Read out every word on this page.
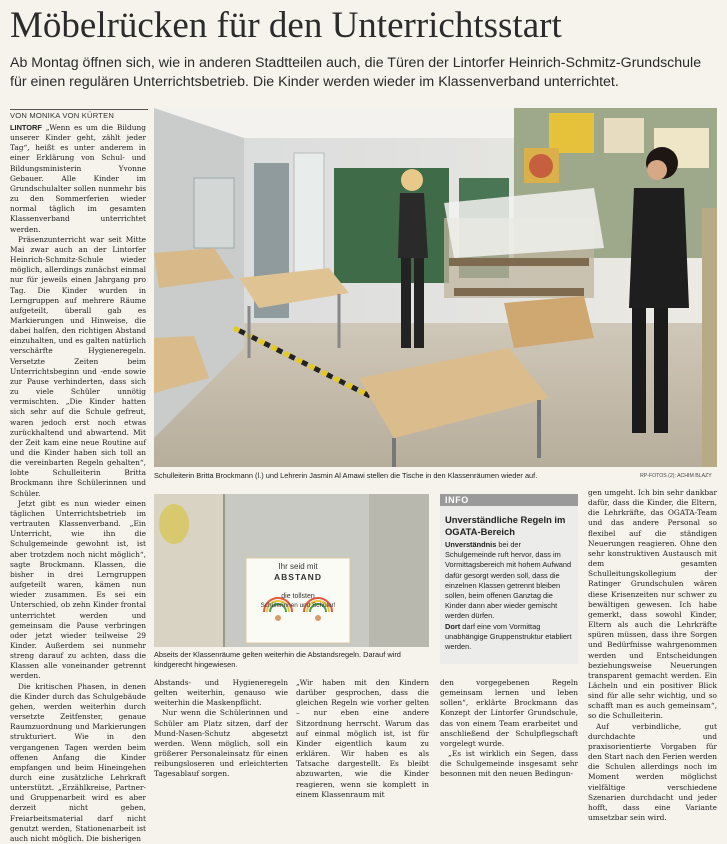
Möbelrücken für den Unterrichtsstart
Ab Montag öffnen sich, wie in anderen Stadtteilen auch, die Türen der Lintorfer Heinrich-Schmitz-Grundschule für einen regulären Unterrichtsbetrieb. Die Kinder werden wieder im Klassenverband unterrichtet.
VON MONIKA VON KÜRTEN

LINTORF „Wenn es um die Bildung unserer Kinder geht, zählt jeder Tag“, heißt es unter anderem in einer Erklärung von Schul- und Bildungsministerin Yvonne Gebauer. Alle Kinder im Grundschulalter sollen nunmehr bis zu den Sommerferien wieder normal täglich im gesamten Klassenverband unterrichtet werden.

Präsenzunterricht war seit Mitte Mai zwar auch an der Lintorfer Heinrich-Schmitz-Schule wieder möglich, allerdings zunächst einmal nur für jeweils einen Jahrgang pro Tag. Die Kinder wurden in Lerngruppen auf mehrere Räume aufgeteilt, überall gab es Markierungen und Hinweise, die dabei halfen, den richtigen Abstand einzuhalten, und es galten natürlich verschärfte Hygieneregeln. Versetzte Zeiten beim Unterrichtsbeginn und -ende sowie zur Pause verhinderten, dass sich zu viele Schüler unnötig vermischten. „Die Kinder hatten sich sehr auf die Schule gefreut, waren jedoch erst noch etwas zurückhaltend und abwartend. Mit der Zeit kam eine neue Routine auf und die Kinder haben sich toll an die vereinbarten Regeln gehalten“, lobte Schulleiterin Britta Brockmann ihre Schülerinnen und Schüler.

Jetzt gibt es nun wieder einen täglichen Unterrichtsbetrieb im vertrauten Klassenverband. „Ein Unterricht, wie ihn die Schulgemeinde gewohnt ist, ist aber trotzdem noch nicht möglich“, sagte Brockmann. Klassen, die bisher in drei Lerngruppen aufgeteilt waren, kämen nun wieder zusammen. Es sei ein Unterschied, ob zehn Kinder frontal unterrichtet werden und gemeinsam die Pause verbringen oder jetzt wieder teilweise 29 Kinder. Außerdem sei nunmehr streng darauf zu achten, dass die Klassen alle voneinander getrennt werden.

Die kritischen Phasen, in denen die Kinder durch das Schulgebäude gehen, werden weiterhin durch versetzte Zeitfenster, genaue Raumzuordnung und Markierungen strukturiert. Wie in den vergangenen Tagen werden beim offenen Anfang die Kinder empfangen und beim Hineingehen durch eine zusätzliche Lehrkraft unterstützt. „Erzählkreise, Partner- und Gruppenarbeit wird es aber derzeit nicht geben, Freiarbeitsmaterial darf nicht genutzt werden, Stationenarbeit ist auch nicht möglich. Die bisherigen

Schulleiterin Britta Brockmann (l.) und Lehrerin Jasmin Al Amawi stellen die Tische in den Klassenräumen wieder auf.	RP-FOTOS (2): ACHIM BLAZY
Ihr seid mit
ABSTAND
die tollsten
Schülerinnen und Schüler!
Abseits der Klassenräume gelten weiterhin die Abstandsregeln. Darauf wird kindgerecht hingewiesen.

Abstands- und Hygieneregeln gelten weiterhin, genauso wie weiterhin die Maskenpflicht.

Nur wenn die Schülerinnen und Schüler am Platz sitzen, darf der Mund-Nasen-Schutz abgesetzt werden. Wenn möglich, soll ein größerer Personaleinsatz für einen reibungsloseren und erleichterten Tagesablauf sorgen.

„Wir haben mit den Kindern darüber gesprochen, dass die gleichen Regeln wie vorher gelten – nur eben eine andere Sitzordnung herrscht. Warum das auf einmal möglich ist, ist für Kinder eigentlich kaum zu erklären. Wir haben es als Tatsache dargestellt. Es bleibt abzuwarten, wie die Kinder reagieren, wenn sie komplett in einem Klassenraum mit

INFO
Unverständliche Regeln im OGATA-Bereich
Unverständnis bei der Schulgemeinde ruft hervor, dass im Vormittagsbereich mit hohem Aufwand dafür gesorgt werden soll, dass die einzelnen Klassen getrennt bleiben sollen, beim offenen Ganztag die Kinder dann aber wieder gemischt werden dürfen.
Dort darf eine vom Vormittag unabhängige Gruppenstruktur etabliert werden.

den vorgegebenen Regeln gemeinsam lernen und leben sollen“, erklärte Brockmann das Konzept der Lintorfer Grundschule, das von einem Team erarbeitet und anschließend der Schulpflegschaft vorgelegt wurde.

„Es ist wirklich ein Segen, dass die Schulgemeinde insgesamt sehr besonnen mit den neuen Bedingun-

gen umgeht. Ich bin sehr dankbar dafür, dass die Kinder, die Eltern, die Lehrkräfte, das OGATA-Team und das andere Personal so flexibel auf die ständigen Neuerungen reagieren. Ohne den sehr konstruktiven Austausch mit dem gesamten Schulleitungskollegium der Ratinger Grundschulen wären diese Krisenzeiten nur schwer zu bewältigen gewesen. Ich habe gemerkt, dass sowohl Kinder, Eltern als auch die Lehrkräfte spüren müssen, dass ihre Sorgen und Bedürfnisse wahrgenommen werden und Entscheidungen beziehungsweise Neuerungen transparent gemacht werden. Ein Lächeln und ein positiver Blick sind für alle sehr wichtig, und so schafft man es auch gemeinsam“, so die Schulleiterin.

Auf verbindliche, gut durchdachte und praxisorientierte Vorgaben für den Start nach den Ferien werden die Schulen allerdings noch im Moment werden möglichst vielfältige verschiedene Szenarien durchdacht und jeder hofft, dass eine Variante umsetzbar sein wird.
